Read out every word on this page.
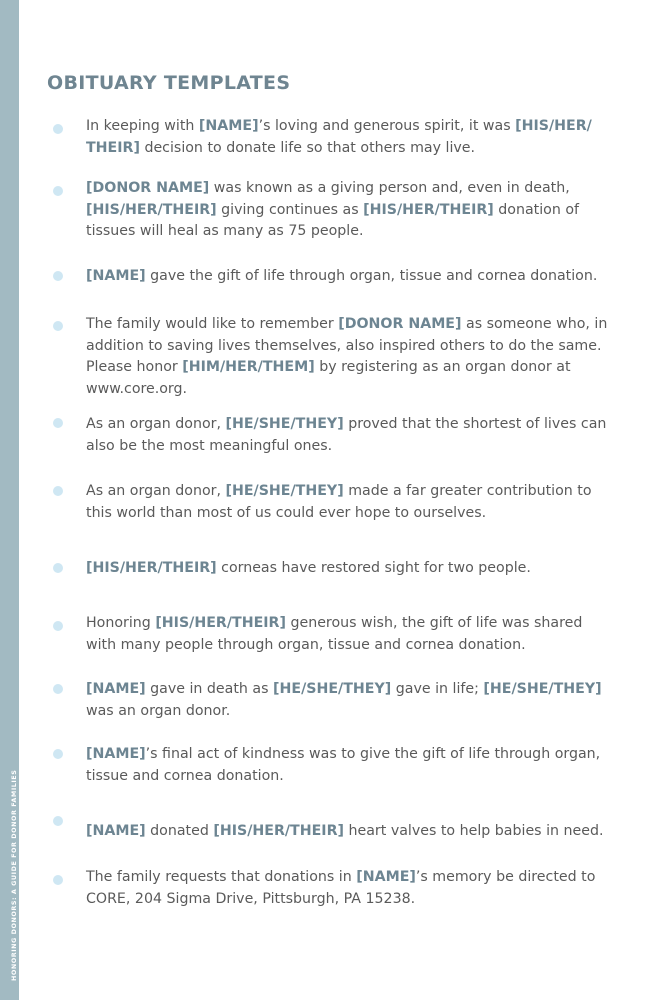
HONORING DONORS: A GUIDE FOR DONOR FAMILIES
OBITUARY TEMPLATES
In keeping with [NAME]’s loving and generous spirit, it was [HIS/HER/ THEIR] decision to donate life so that others may live.
[DONOR NAME] was known as a giving person and, even in death, [HIS/HER/THEIR] giving continues as [HIS/HER/THEIR] donation of tissues will heal as many as 75 people.
[NAME] gave the gift of life through organ, tissue and cornea donation.
The family would like to remember [DONOR NAME] as someone who, in addition to saving lives themselves, also inspired others to do the same. Please honor [HIM/HER/THEM] by registering as an organ donor at www.core.org.
As an organ donor, [HE/SHE/THEY] proved that the shortest of lives can also be the most meaningful ones.
As an organ donor, [HE/SHE/THEY] made a far greater contribution to this world than most of us could ever hope to ourselves.
[HIS/HER/THEIR] corneas have restored sight for two people.
Honoring [HIS/HER/THEIR] generous wish, the gift of life was shared with many people through organ, tissue and cornea donation.
[NAME] gave in death as [HE/SHE/THEY] gave in life; [HE/SHE/THEY] was an organ donor.
[NAME]’s final act of kindness was to give the gift of life through organ, tissue and cornea donation.
[NAME] donated [HIS/HER/THEIR] heart valves to help babies in need.
The family requests that donations in [NAME]’s memory be directed to CORE, 204 Sigma Drive, Pittsburgh, PA 15238.
